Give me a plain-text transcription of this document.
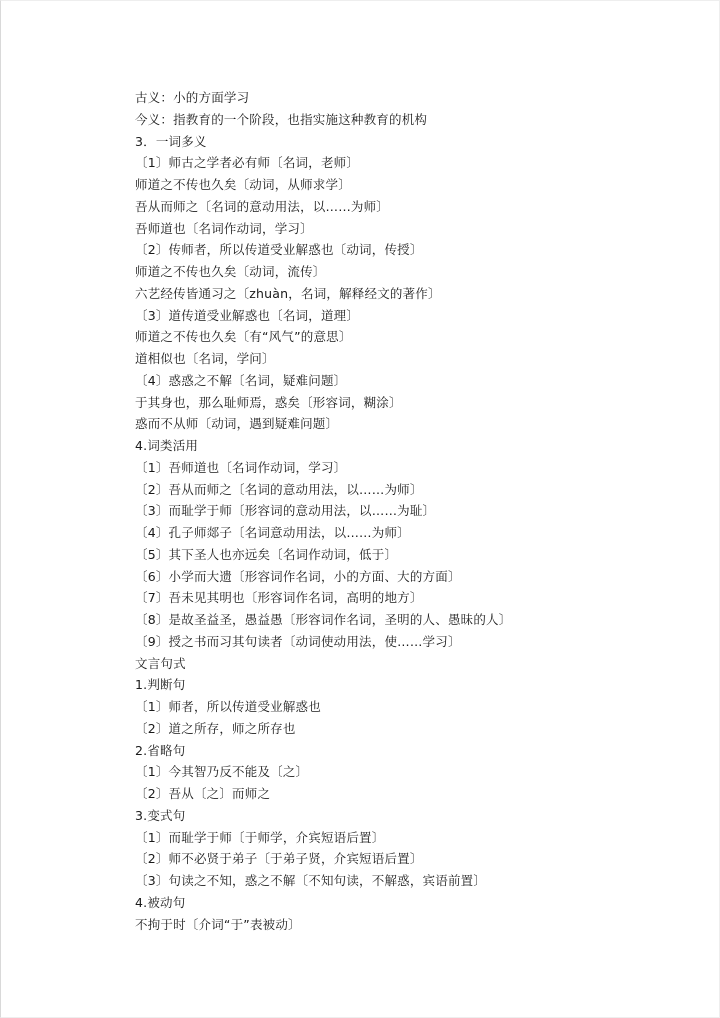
古义：小的方面学习
今义：指教育的一个阶段，也指实施这种教育的机构
3．一词多义
〔1〕师古之学者必有师〔名词，老师〕
师道之不传也久矣〔动词，从师求学〕
吾从而师之〔名词的意动用法，以……为师〕
吾师道也〔名词作动词，学习〕
〔2〕传师者，所以传道受业解惑也〔动词，传授〕
师道之不传也久矣〔动词，流传〕
六艺经传皆通习之〔zhuàn，名词，解释经文的著作〕
〔3〕道传道受业解惑也〔名词，道理〕
师道之不传也久矣〔有“风气”的意思〕
道相似也〔名词，学问〕
〔4〕惑惑之不解〔名词，疑难问题〕
于其身也，那么耻师焉，惑矣〔形容词，糊涂〕
惑而不从师〔动词，遇到疑难问题〕
4.词类活用
〔1〕吾师道也〔名词作动词，学习〕
〔2〕吾从而师之〔名词的意动用法，以……为师〕
〔3〕而耻学于师〔形容词的意动用法，以……为耻〕
〔4〕孔子师郯子〔名词意动用法，以……为师〕
〔5〕其下圣人也亦远矣〔名词作动词，低于〕
〔6〕小学而大遗〔形容词作名词，小的方面、大的方面〕
〔7〕吾未见其明也〔形容词作名词，高明的地方〕
〔8〕是故圣益圣，愚益愚〔形容词作名词，圣明的人、愚昧的人〕
〔9〕授之书而习其句读者〔动词使动用法，使……学习〕
文言句式
1.判断句
〔1〕师者，所以传道受业解惑也
〔2〕道之所存，师之所存也
2.省略句
〔1〕今其智乃反不能及〔之〕
〔2〕吾从〔之〕而师之
3.变式句
〔1〕而耻学于师〔于师学，介宾短语后置〕
〔2〕师不必贤于弟子〔于弟子贤，介宾短语后置〕
〔3〕句读之不知，惑之不解〔不知句读，不解惑，宾语前置〕
4.被动句
不拘于时〔介词“于”表被动〕
